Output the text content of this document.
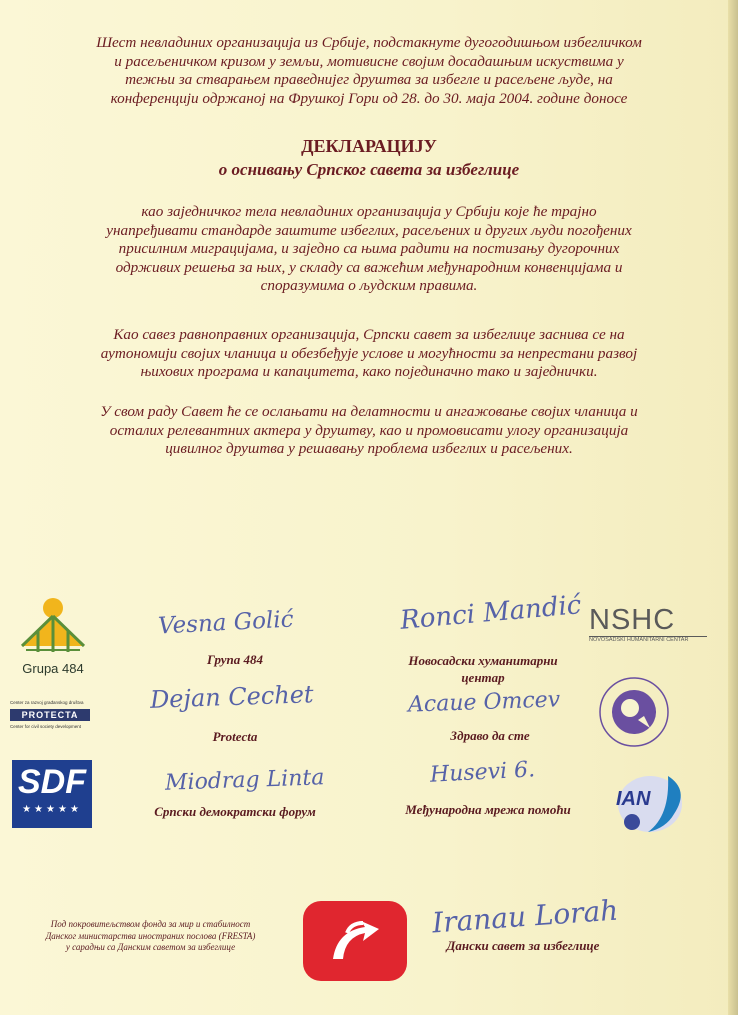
Шест невладиних организација из Србије, подстакнуте дугогодишњом избегличком
и расељеничком кризом у земљи, мотивисне својим досадашњим искуствима у
тежњи за стварањем праведнијег друштва за избегле и расељене људе, на
конференцији одржаној на Фрушкој Гори од 28. до 30. маја 2004. године доносе
ДЕКЛАРАЦИЈУ
о оснивању Српског савета за избеглице
као заједничког тела невладиних организација у Србији које ће трајно
унапређивати стандарде заштите избеглих, расељених и других људи погођених
присилним миграцијама, и заједно са њима радити на постизању дугорочних
одрживих решења за њих, у складу са важећим међународним конвенцијама и
споразумима о људским правима.
Као савез равноправних организација, Српски савет за избеглице заснива се на
аутономији својих чланица и обезбеђује услове и могућности за непрестани развој
њихових програма и капацитета, како појединачно тако и заједнички.
У свом раду Савет ће се ослањати на делатности и ангажовање својих чланица и
осталих релевантних актера у друштву, као и промовисати улогу организација
цивилног друштва у решавању проблема избеглих и расељених.
Grupa 484
Vesna Golić
Група 484
Ronci Mandić
Новосадски хуманитарни
центар
NSHC
NOVOSADSKI HUMANITARNI CENTAR
Center za razvoj građanskog društva
PROTECTA
Center for civil society development
Dejan Cechet
Protecta
Acaue Omcev
Здраво да сте
SDF
★★★★★
Miodrag Linta
Српски демократски форум
Husevi 6.
Међународна мрежа помоћи	IAN
Iranau Lorah
Дански савет за избеглице
Под покровитељством фонда за мир и стабилност
Данског министарства иностраних послова (FRESTA)
у сарадњи са Данским саветом за избеглице
